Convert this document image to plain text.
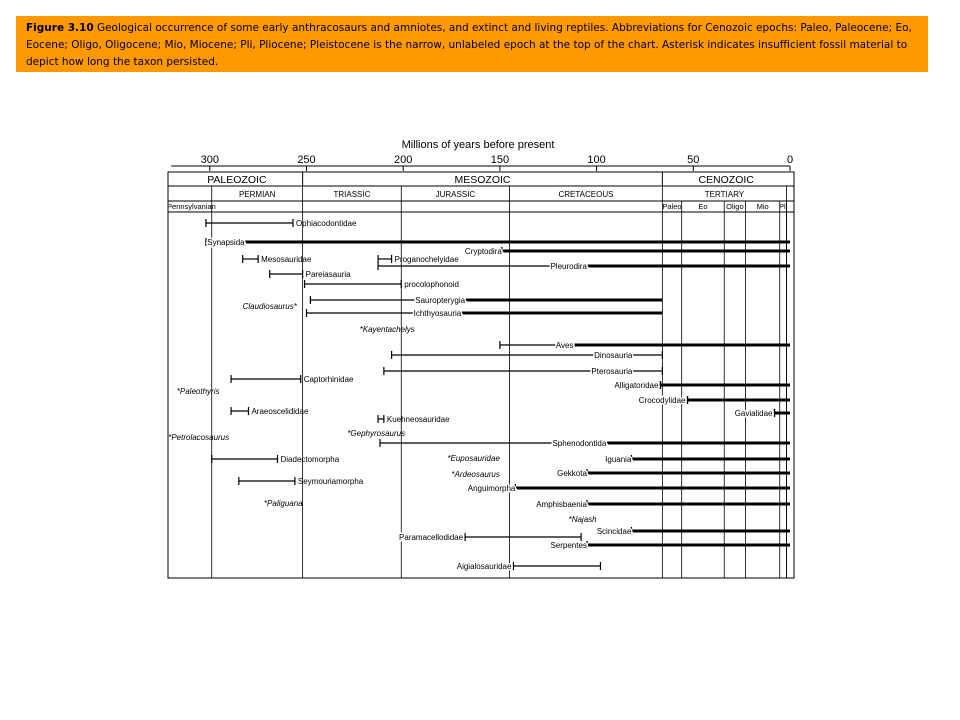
Figure 3.10 Geological occurrence of some early anthracosaurs and amniotes, and extinct and living reptiles. Abbreviations for Cenozoic epochs: Paleo, Paleocene; Eo, Eocene; Oligo, Oligocene; Mio, Miocene; Pli, Pliocene; Pleistocene is the narrow, unlabeled epoch at the top of the chart. Asterisk indicates insufficient fossil material to depict how long the taxon persisted.
Millions of years before present
300	250	200	150	100	50	0
PALEOZOIC	MESOZOIC	CENOZOIC
PERMIAN	TRIASSIC	JURASSIC	CRETACEOUS	TERTIARY
Pennsylvanian	Paleo Eo Oligo Mio Pli
Ophiacodontidae
Synapsida
Cryptodira
Mesosauridae	Proganochelyidae
Pleurodira
Pareiasauria
procolophonoid
Claudiosaurus*
Sauropterygia
Ichthyosauria
*Kayentachelys
Aves
Dinosauria
Pterosauria
Alligatoridae
Crocodylidae
Gavialidae
Captorhinidae
*Paleothyris
Araeoscelididae
Kuehneosauridae
*Gephyrosaurus
*Petrolacosaurus
Sphenodontida
Diadectomorpha	*Euposauridae	Iguania
Gekkota
*Ardeosaurus
Seymouriamorpha
Anguimorpha
*Paliguana	Amphisbaenia
*Najash
Paramacellodidae
Scincidae
Serpentes
Aigialosauridae
